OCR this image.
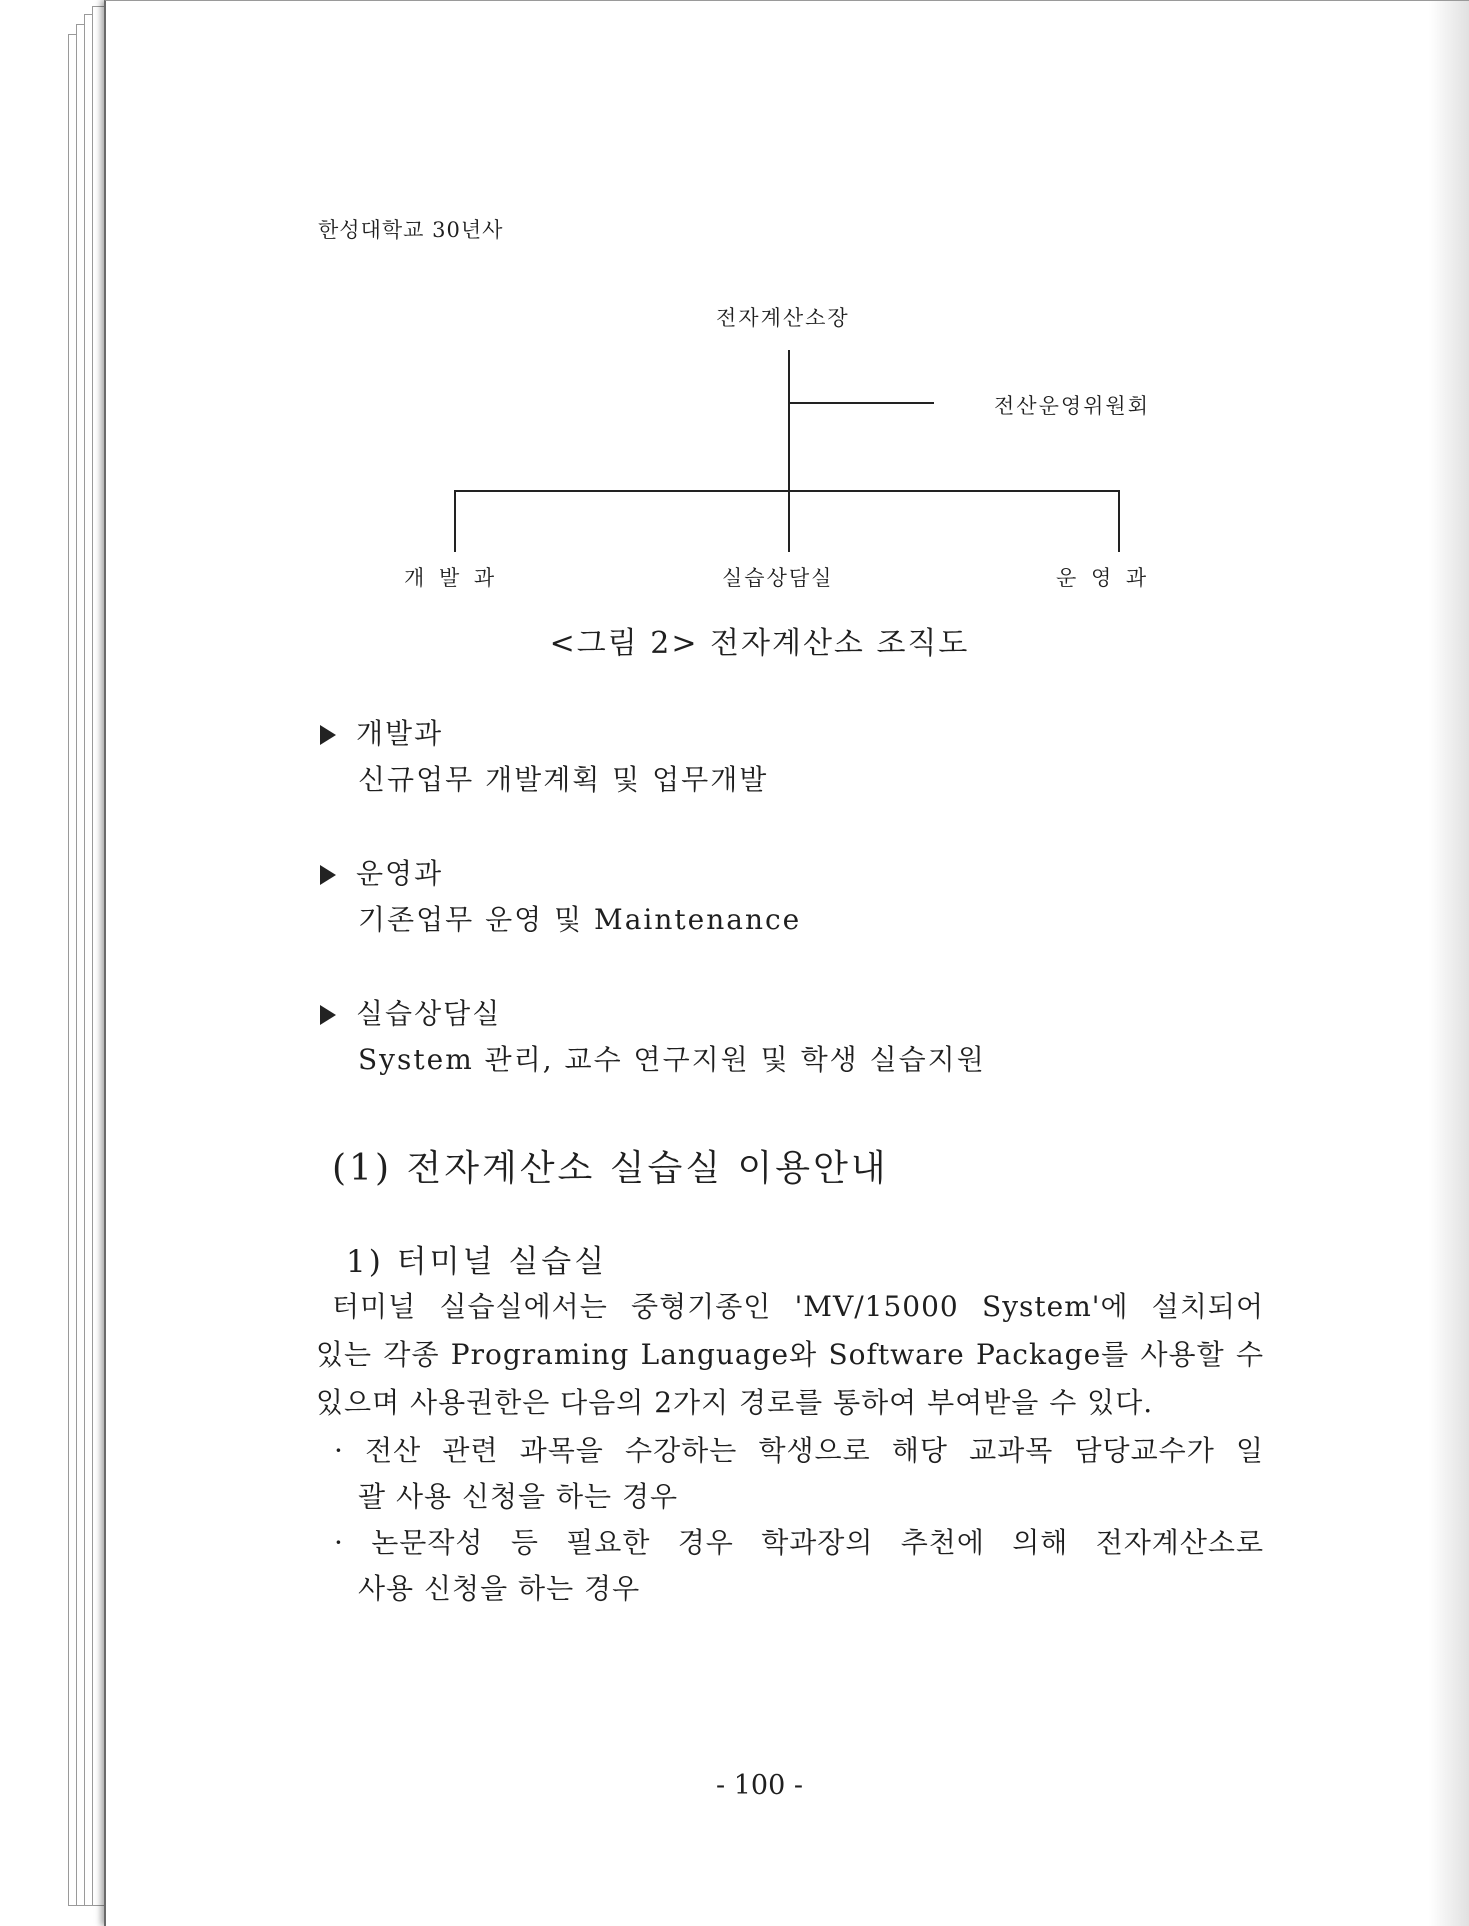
한성대학교 30년사
전자계산소장
전산운영위원회
개 발 과	실습상담실	운 영 과
<그림 2> 전자계산소 조직도
개발과
신규업무 개발계획 및 업무개발
운영과
기존업무 운영 및 Maintenance
실습상담실
System 관리, 교수 연구지원 및 학생 실습지원
(1) 전자계산소 실습실 이용안내
1) 터미널 실습실
터미널 실습실에서는 중형기종인 'MV/15000 System'에 설치되어
있는 각종 Programing Language와 Software Package를 사용할 수
있으며 사용권한은 다음의 2가지 경로를 통하여 부여받을 수 있다.
· 전산 관련 과목을 수강하는 학생으로 해당 교과목 담당교수가 일
괄 사용 신청을 하는 경우
· 논문작성 등 필요한 경우 학과장의 추천에 의해 전자계산소로
사용 신청을 하는 경우
- 100 -
